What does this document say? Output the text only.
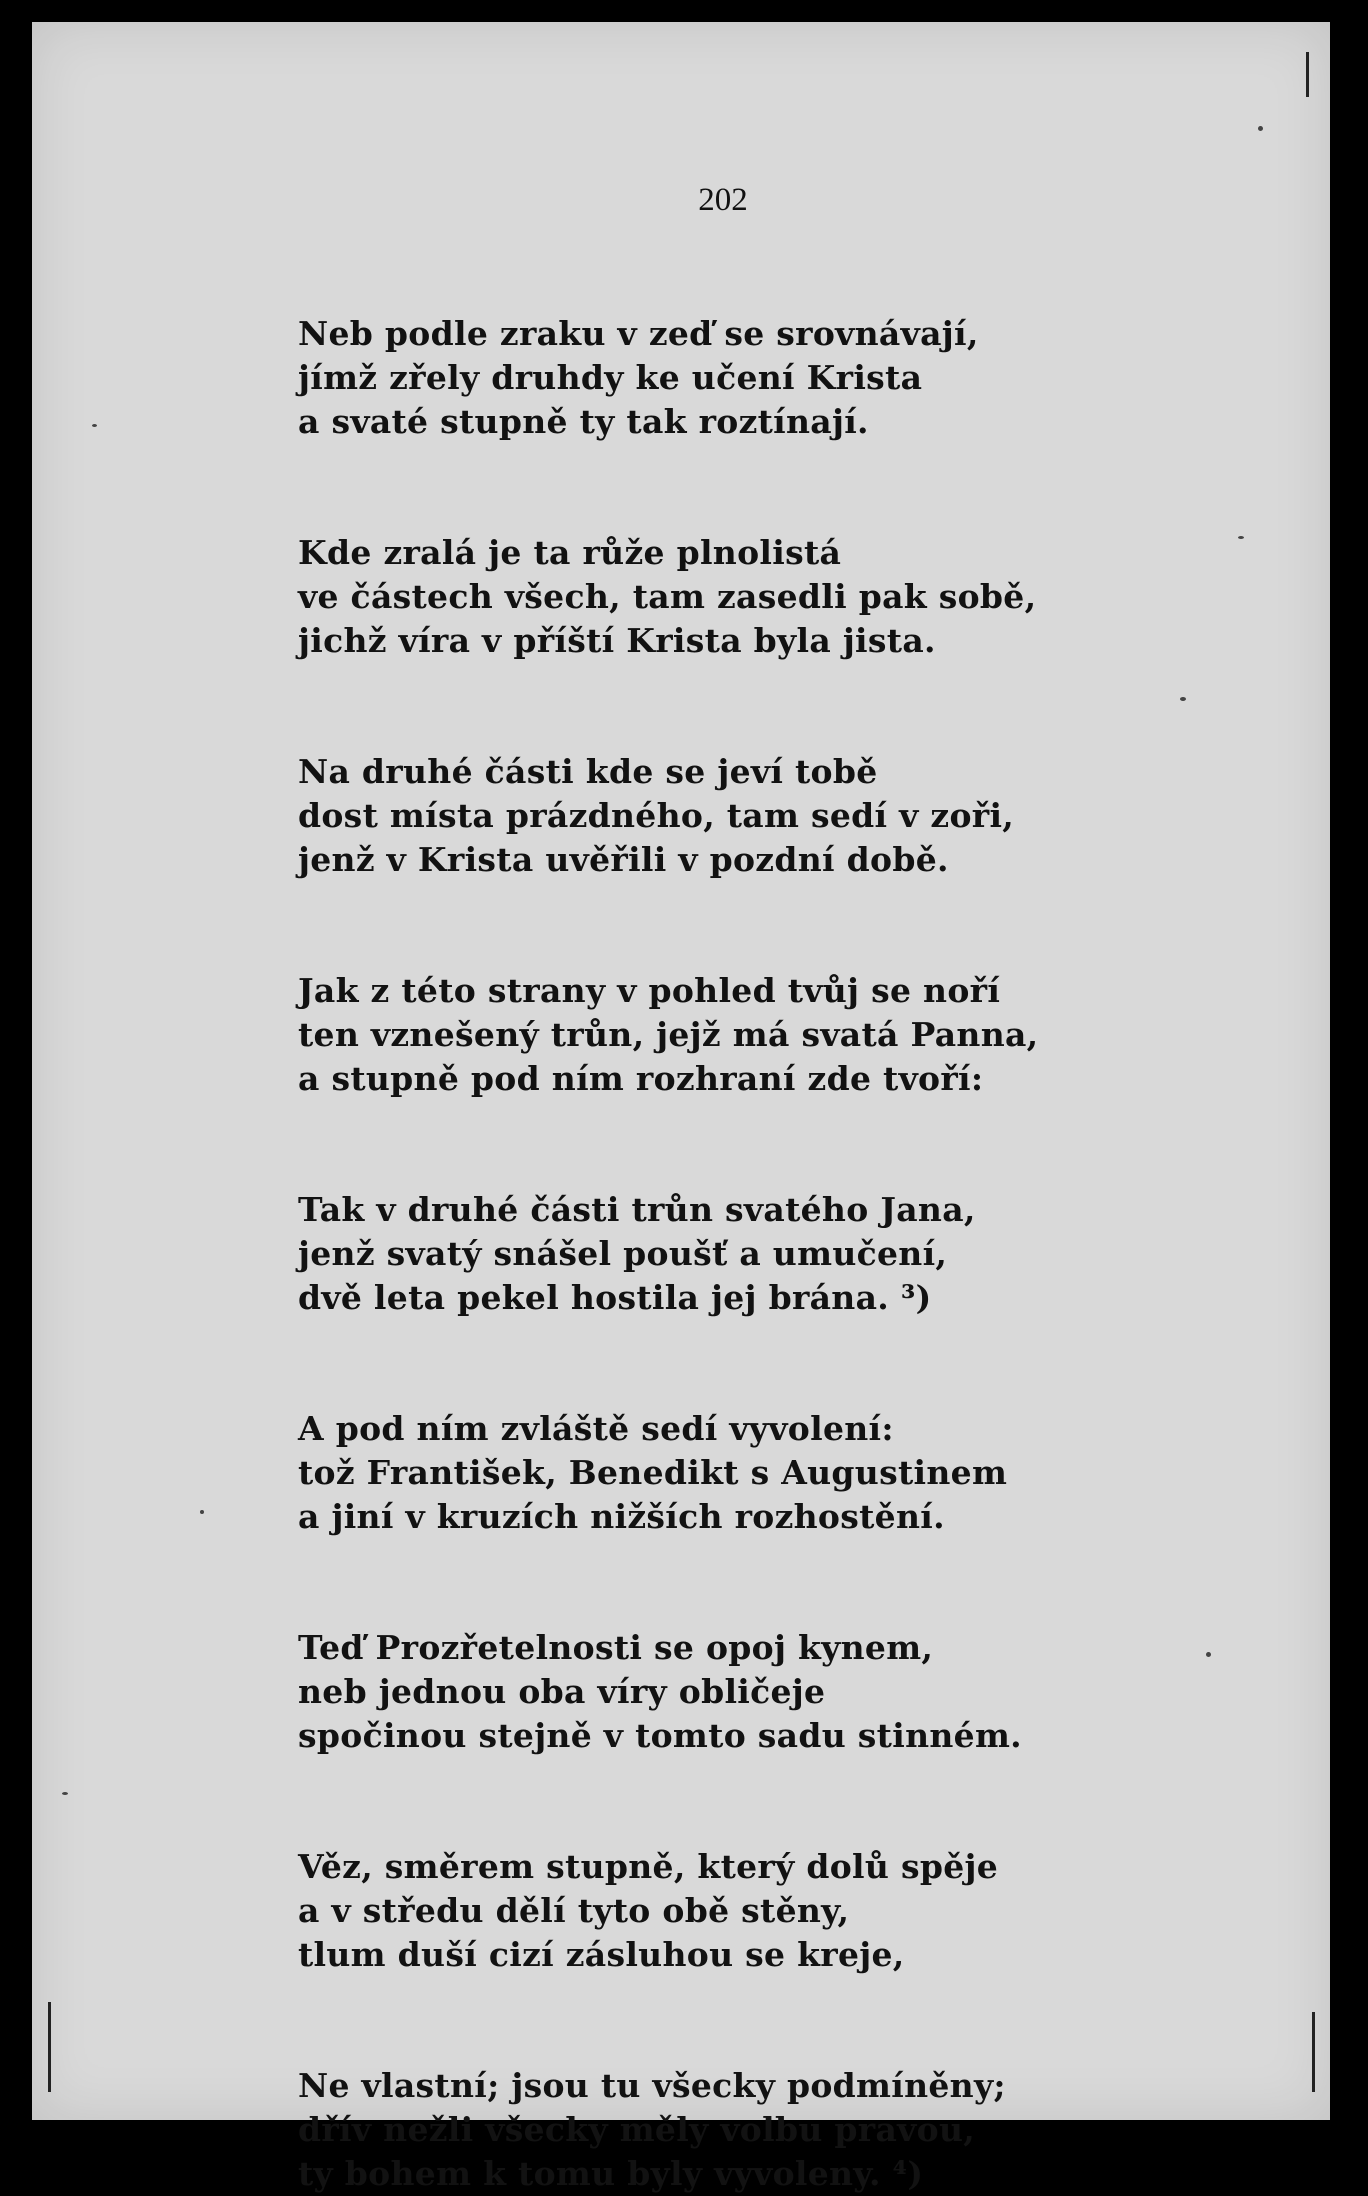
202
Neb podle zraku v zeď se srovnávají,
jímž zřely druhdy ke učení Krista
a svaté stupně ty tak roztínají.
Kde zralá je ta růže plnolistá
ve částech všech, tam zasedli pak sobě,
jichž víra v příští Krista byla jista.
Na druhé části kde se jeví tobě
dost místa prázdného, tam sedí v zoři,
jenž v Krista uvěřili v pozdní době.
Jak z této strany v pohled tvůj se noří
ten vznešený trůn, jejž má svatá Panna,
a stupně pod ním rozhraní zde tvoří:
Tak v druhé části trůn svatého Jana,
jenž svatý snášel poušť a umučení,
dvě leta pekel hostila jej brána. ³)
A pod ním zvláště sedí vyvolení:
tož František, Benedikt s Augustinem
a jiní v kruzích nižších rozhostění.
Teď Prozřetelnosti se opoj kynem,
neb jednou oba víry obličeje
spočinou stejně v tomto sadu stinném.
Věz, směrem stupně, který dolů spěje
a v středu dělí tyto obě stěny,
tlum duší cizí zásluhou se kreje,
Ne vlastní; jsou tu všecky podmíněny;
dřív nežli všecky měly volbu pravou,
ty bohem k tomu byly vyvoleny. ⁴)
